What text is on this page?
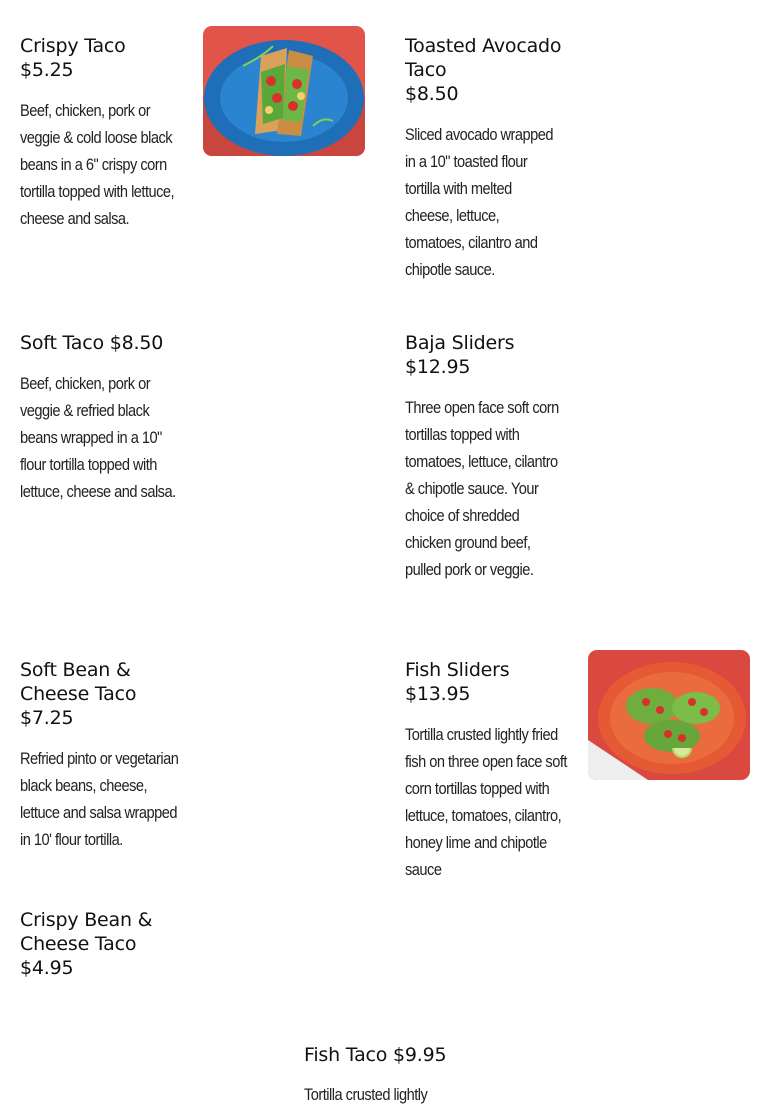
Crispy Taco
$5.25
Beef, chicken, pork or veggie & cold loose black beans in a 6" crispy corn tortilla topped with lettuce, cheese and salsa.
Toasted Avocado Taco
$8.50
Sliced avocado wrapped in a 10" toasted flour tortilla with melted cheese, lettuce, tomatoes, cilantro and chipotle sauce.
Soft Taco $8.50
Beef, chicken, pork or veggie & refried black beans wrapped in a 10" flour tortilla topped with lettuce, cheese and salsa.
Baja Sliders
$12.95
Three open face soft corn tortillas topped with tomatoes, lettuce, cilantro & chipotle sauce. Your choice of shredded chicken ground beef, pulled pork or veggie.
Soft Bean & Cheese Taco
$7.25
Refried pinto or vegetarian black beans, cheese, lettuce and salsa wrapped in 10' flour tortilla.
Fish Sliders
$13.95
Tortilla crusted lightly fried fish on three open face soft corn tortillas topped with lettuce, tomatoes, cilantro, honey lime and chipotle sauce
Crispy Bean & Cheese Taco
$4.95
Fish Taco $9.95
Tortilla crusted lightly
